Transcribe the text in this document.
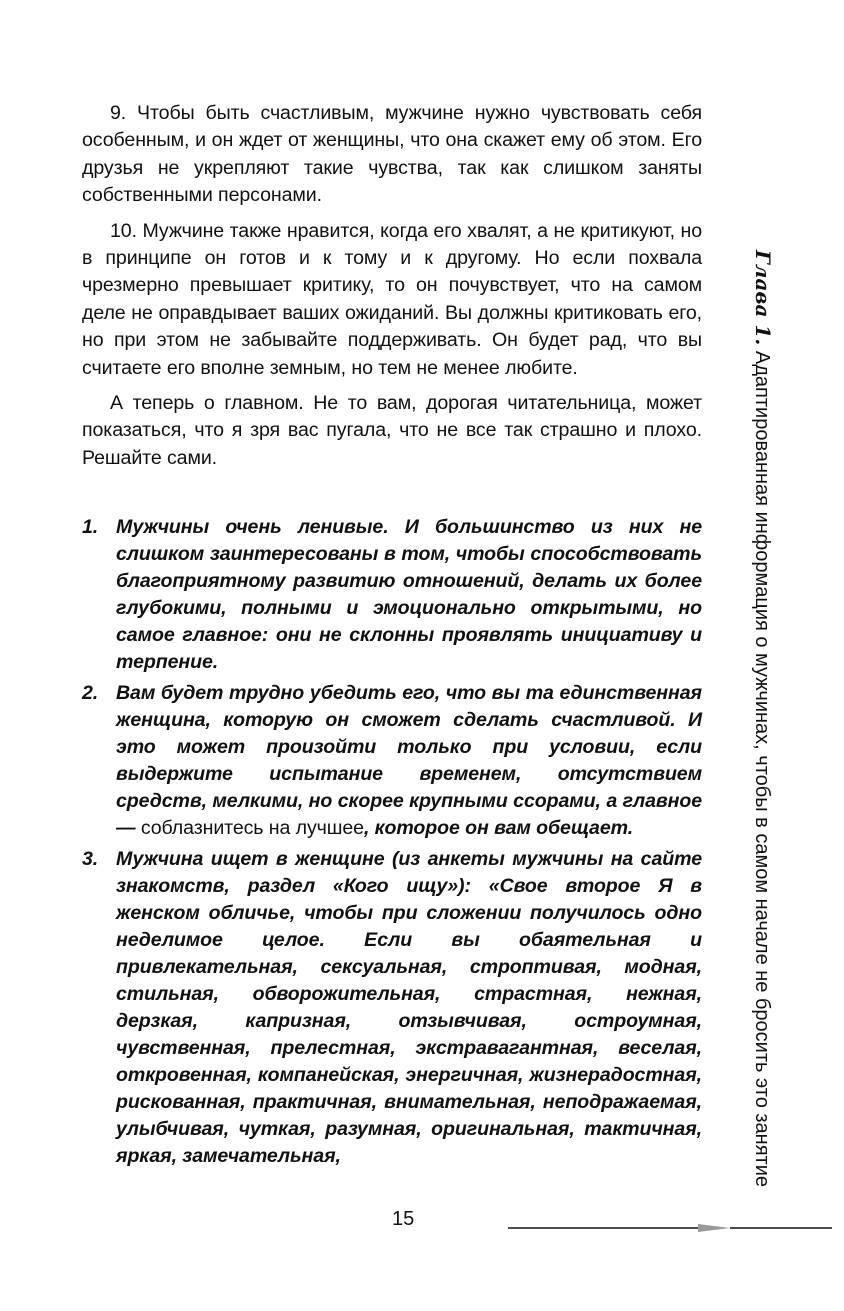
9. Чтобы быть счастливым, мужчине нужно чувствовать себя особенным, и он ждет от женщины, что она скажет ему об этом. Его друзья не укрепляют такие чувства, так как слишком заняты собственными персонами.

10. Мужчине также нравится, когда его хвалят, а не критикуют, но в принципе он готов и к тому и к другому. Но если похвала чрезмерно превышает критику, то он почувствует, что на самом деле не оправдывает ваших ожиданий. Вы должны критиковать его, но при этом не забывайте поддерживать. Он будет рад, что вы считаете его вполне земным, но тем не менее любите.

А теперь о главном. Не то вам, дорогая читательница, может показаться, что я зря вас пугала, что не все так страшно и плохо. Решайте сами.

1. Мужчины очень ленивые. И большинство из них не слишком заинтересованы в том, чтобы способствовать благоприятному развитию отношений, делать их более глубокими, полными и эмоционально открытыми, но самое главное: они не склонны проявлять инициативу и терпение.
2. Вам будет трудно убедить его, что вы та единственная женщина, которую он сможет сделать счастливой. И это может произойти только при условии, если выдержите испытание временем, отсутствием средств, мелкими, но скорее крупными ссорами, а главное — соблазнитесь на лучшее, которое он вам обещает.
3. Мужчина ищет в женщине (из анкеты мужчины на сайте знакомств, раздел «Кого ищу»): «Свое второе Я в женском обличье, чтобы при сложении получилось одно неделимое целое. Если вы обаятельная и привлекательная, сексуальная, строптивая, модная, стильная, обворожительная, страстная, нежная, дерзкая, капризная, отзывчивая, остроумная, чувственная, прелестная, экстравагантная, веселая, откровенная, компанейская, энергичная, жизнерадостная, рискованная, практичная, внимательная, неподражаемая, улыбчивая, чуткая, разумная, оригинальная, тактичная, яркая, замечательная,
Глава 1. Адаптированная информация о мужчинах, чтобы в самом начале не бросить это занятие
15
